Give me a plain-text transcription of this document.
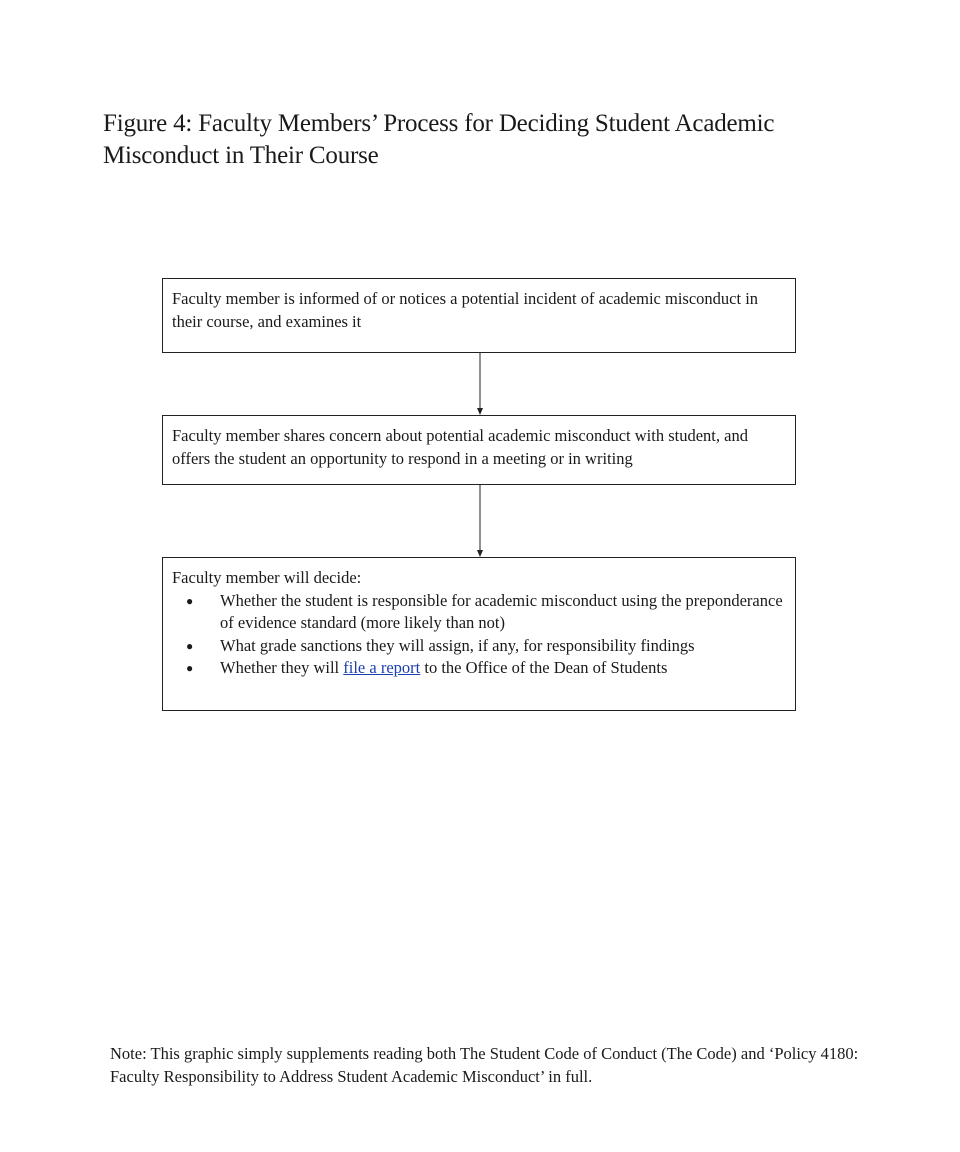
Figure 4: Faculty Members’ Process for Deciding Student Academic Misconduct in Their Course

Faculty member is informed of or notices a potential incident of academic misconduct in their course, and examines it

Faculty member shares concern about potential academic misconduct with student, and offers the student an opportunity to respond in a meeting or in writing

Faculty member will decide:

● Whether the student is responsible for academic misconduct using the preponderance of evidence standard (more likely than not)
● What grade sanctions they will assign, if any, for responsibility findings
● Whether they will file a report to the Office of the Dean of Students

Note: This graphic simply supplements reading both The Student Code of Conduct (The Code) and ‘Policy 4180: Faculty Responsibility to Address Student Academic Misconduct’ in full.
